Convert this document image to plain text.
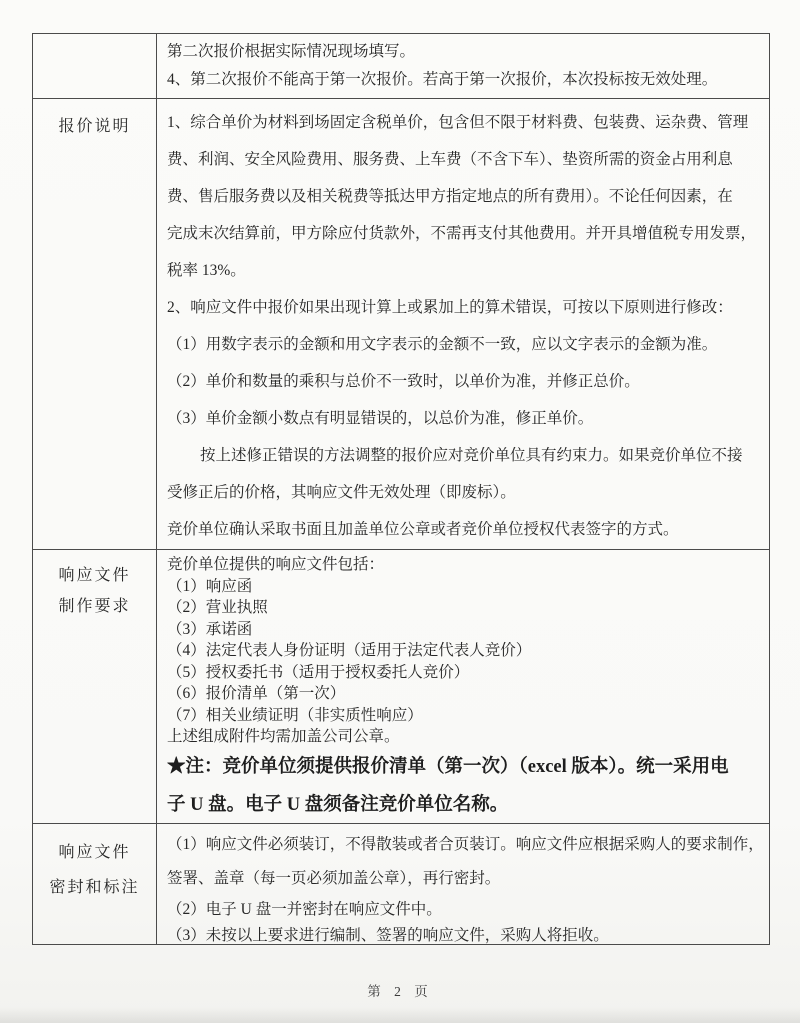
第二次报价根据实际情况现场填写。
4、第二次报价不能高于第一次报价。若高于第一次报价，本次投标按无效处理。
报价说明	1、综合单价为材料到场固定含税单价，包含但不限于材料费、包装费、运杂费、管理
费、利润、安全风险费用、服务费、上车费（不含下车）、垫资所需的资金占用利息
费、售后服务费以及相关税费等抵达甲方指定地点的所有费用）。不论任何因素，在
完成末次结算前，甲方除应付货款外，不需再支付其他费用。并开具增值税专用发票，
税率 13%。
2、响应文件中报价如果出现计算上或累加上的算术错误，可按以下原则进行修改：
（1）用数字表示的金额和用文字表示的金额不一致，应以文字表示的金额为准。
（2）单价和数量的乘积与总价不一致时，以单价为准，并修正总价。
（3）单价金额小数点有明显错误的，以总价为准，修正单价。
按上述修正错误的方法调整的报价应对竞价单位具有约束力。如果竞价单位不接
受修正后的价格，其响应文件无效处理（即废标）。
竞价单位确认采取书面且加盖单位公章或者竞价单位授权代表签字的方式。
响应文件
制作要求
竞价单位提供的响应文件包括：
（1）响应函
（2）营业执照
（3）承诺函
（4）法定代表人身份证明（适用于法定代表人竞价）
（5）授权委托书（适用于授权委托人竞价）
（6）报价清单（第一次）
（7）相关业绩证明（非实质性响应）
上述组成附件均需加盖公司公章。
★注：竞价单位须提供报价清单（第一次）（excel 版本）。统一采用电
子 U 盘。电子 U 盘须备注竞价单位名称。
响应文件
密封和标注
（1）响应文件必须装订，不得散装或者合页装订。响应文件应根据采购人的要求制作，
签署、盖章（每一页必须加盖公章），再行密封。
（2）电子 U 盘一并密封在响应文件中。
（3）未按以上要求进行编制、签署的响应文件，采购人将拒收。
第 2 页
